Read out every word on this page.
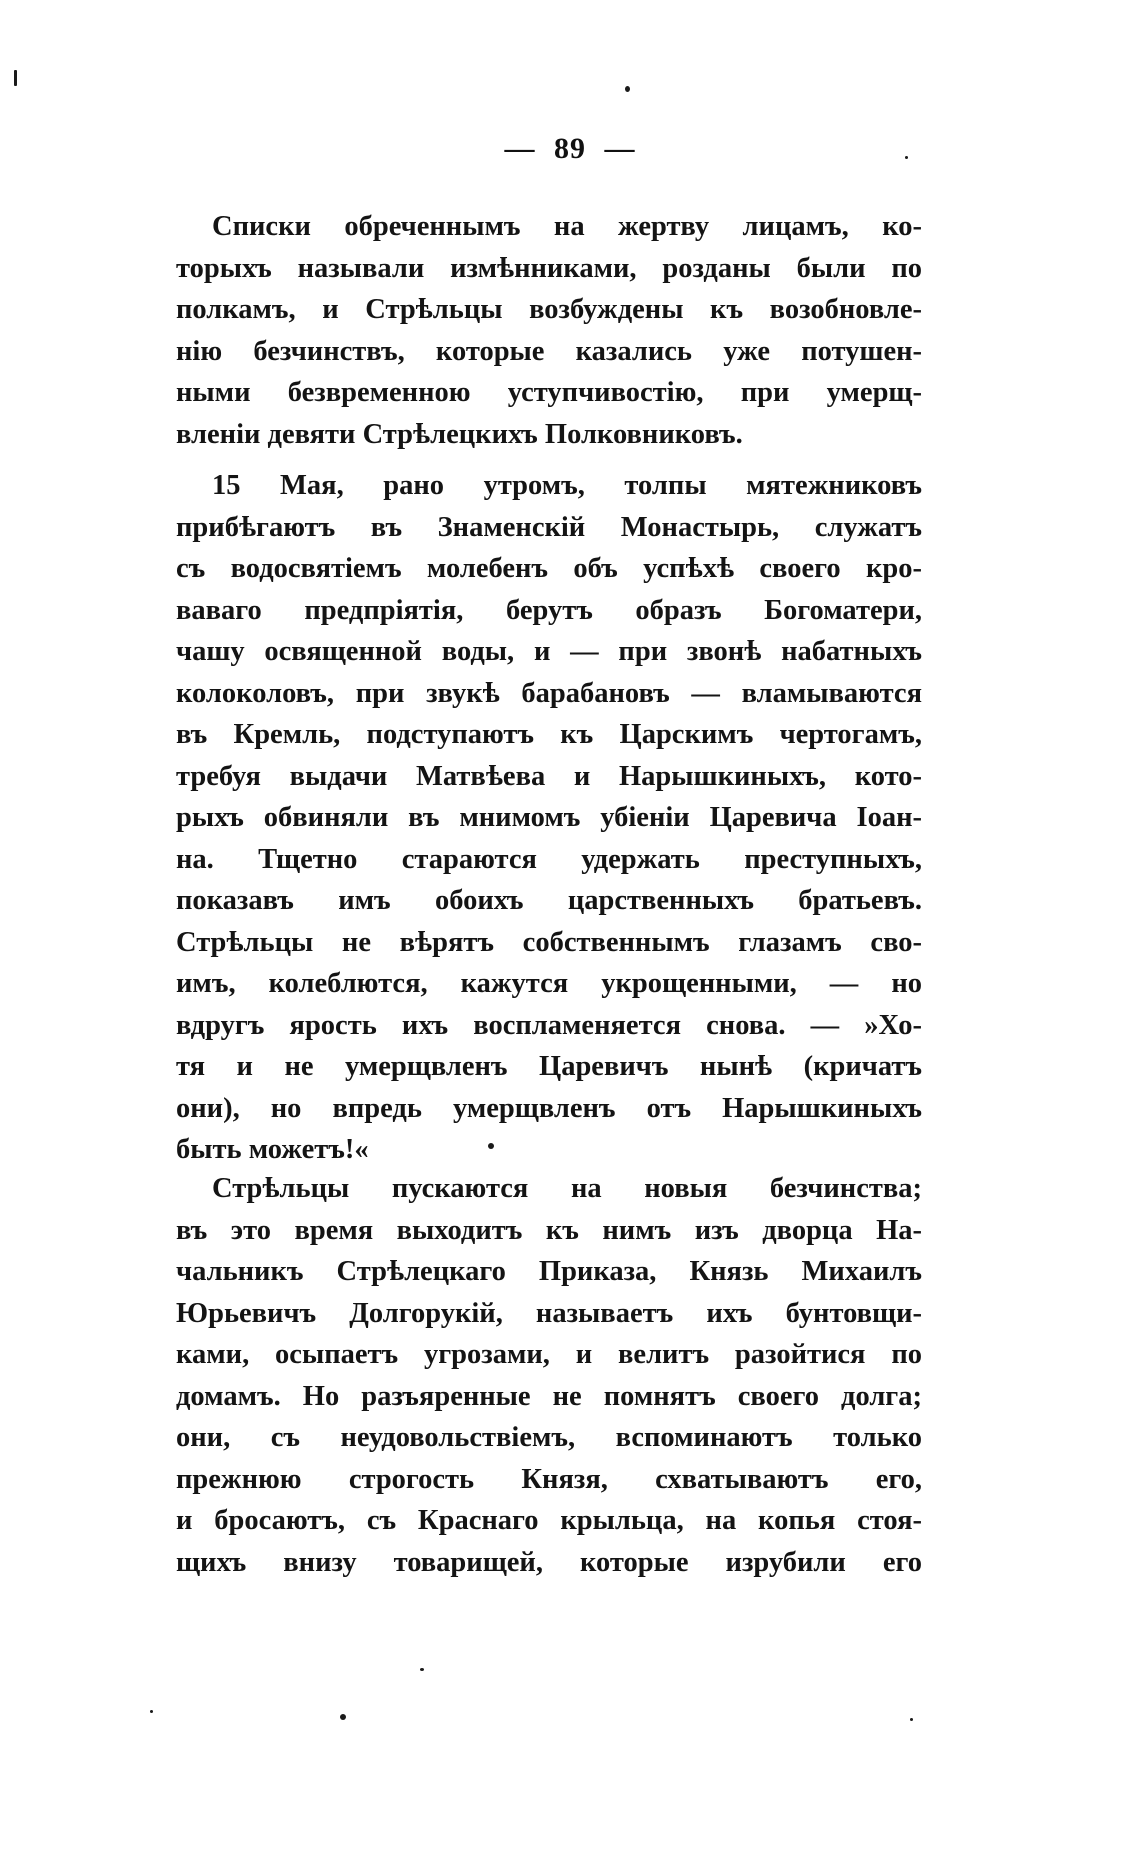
— 89 —
Списки обреченнымъ на жертву лицамъ, ко-
торыхъ называли измѣнниками, розданы были по
полкамъ, и Стрѣльцы возбуждены къ возобновле-
нію безчинствъ, которые казались уже потушен-
ными безвременною уступчивостію, при умерщ-
вленіи девяти Стрѣлецкихъ Полковниковъ.
15 Мая, рано утромъ, толпы мятежниковъ
прибѣгаютъ въ Знаменскій Монастырь, служатъ
съ водосвятіемъ молебенъ объ успѣхѣ своего кро-
ваваго предпріятія, берутъ образъ Богоматери,
чашу освященной воды, и — при звонѣ набатныхъ
колоколовъ, при звукѣ барабановъ — вламываются
въ Кремль, подступаютъ къ Царскимъ чертогамъ,
требуя выдачи Матвѣева и Нарышкиныхъ, кото-
рыхъ обвиняли въ мнимомъ убіеніи Царевича Іоан-
на. Тщетно стараются удержать преступныхъ,
показавъ имъ обоихъ царственныхъ братьевъ.
Стрѣльцы не вѣрятъ собственнымъ глазамъ сво-
имъ, колеблются, кажутся укрощенными, — но
вдругъ ярость ихъ воспламеняется снова. — »Хо-
тя и не умерщвленъ Царевичъ нынѣ (кричатъ
они), но впредь умерщвленъ отъ Нарышкиныхъ
быть можетъ!«
Стрѣльцы пускаются на новыя безчинства;
въ это время выходитъ къ нимъ изъ дворца На-
чальникъ Стрѣлецкаго Приказа, Князь Михаилъ
Юрьевичъ Долгорукій, называетъ ихъ бунтовщи-
ками, осыпаетъ угрозами, и велитъ разойтися по
домамъ. Но разъяренные не помнятъ своего долга;
они, съ неудовольствіемъ, вспоминаютъ только
прежнюю строгость Князя, схватываютъ его,
и бросаютъ, съ Краснаго крыльца, на копья стоя-
щихъ внизу товарищей, которые изрубили его
